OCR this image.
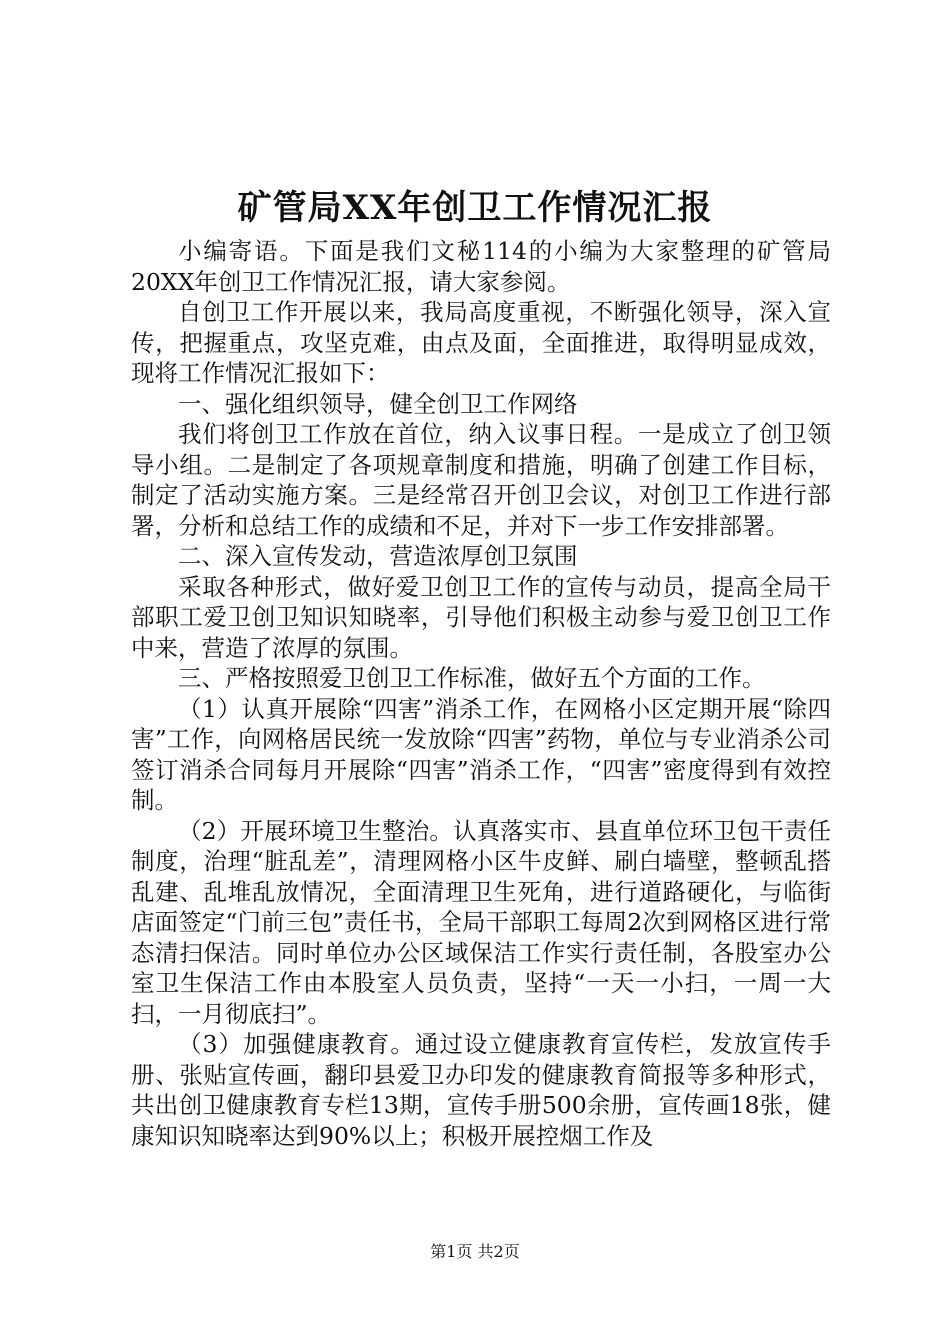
矿管局XX年创卫工作情况汇报

小编寄语。下面是我们文秘114的小编为大家整理的矿管局20XX年创卫工作情况汇报，请大家参阅。

自创卫工作开展以来，我局高度重视，不断强化领导，深入宣传，把握重点，攻坚克难，由点及面，全面推进，取得明显成效，现将工作情况汇报如下：

一、强化组织领导，健全创卫工作网络

我们将创卫工作放在首位，纳入议事日程。一是成立了创卫领导小组。二是制定了各项规章制度和措施，明确了创建工作目标，制定了活动实施方案。三是经常召开创卫会议，对创卫工作进行部署，分析和总结工作的成绩和不足，并对下一步工作安排部署。

二、深入宣传发动，营造浓厚创卫氛围

采取各种形式，做好爱卫创卫工作的宣传与动员，提高全局干部职工爱卫创卫知识知晓率，引导他们积极主动参与爱卫创卫工作中来，营造了浓厚的氛围。

三、严格按照爱卫创卫工作标准，做好五个方面的工作。

（1）认真开展除“四害”消杀工作，在网格小区定期开展“除四害”工作，向网格居民统一发放除“四害”药物，单位与专业消杀公司签订消杀合同每月开展除“四害”消杀工作，“四害”密度得到有效控制。

（2）开展环境卫生整治。认真落实市、县直单位环卫包干责任制度，治理“脏乱差”，清理网格小区牛皮鲜、刷白墙壁，整顿乱搭乱建、乱堆乱放情况，全面清理卫生死角，进行道路硬化，与临街店面签定“门前三包”责任书，全局干部职工每周2次到网格区进行常态清扫保洁。同时单位办公区域保洁工作实行责任制，各股室办公室卫生保洁工作由本股室人员负责，坚持“一天一小扫，一周一大扫，一月彻底扫”。

（3）加强健康教育。通过设立健康教育宣传栏，发放宣传手册、张贴宣传画，翻印县爱卫办印发的健康教育简报等多种形式，共出创卫健康教育专栏13期，宣传手册500余册，宣传画18张，健康知识知晓率达到90%以上；积极开展控烟工作及

第1页 共2页
